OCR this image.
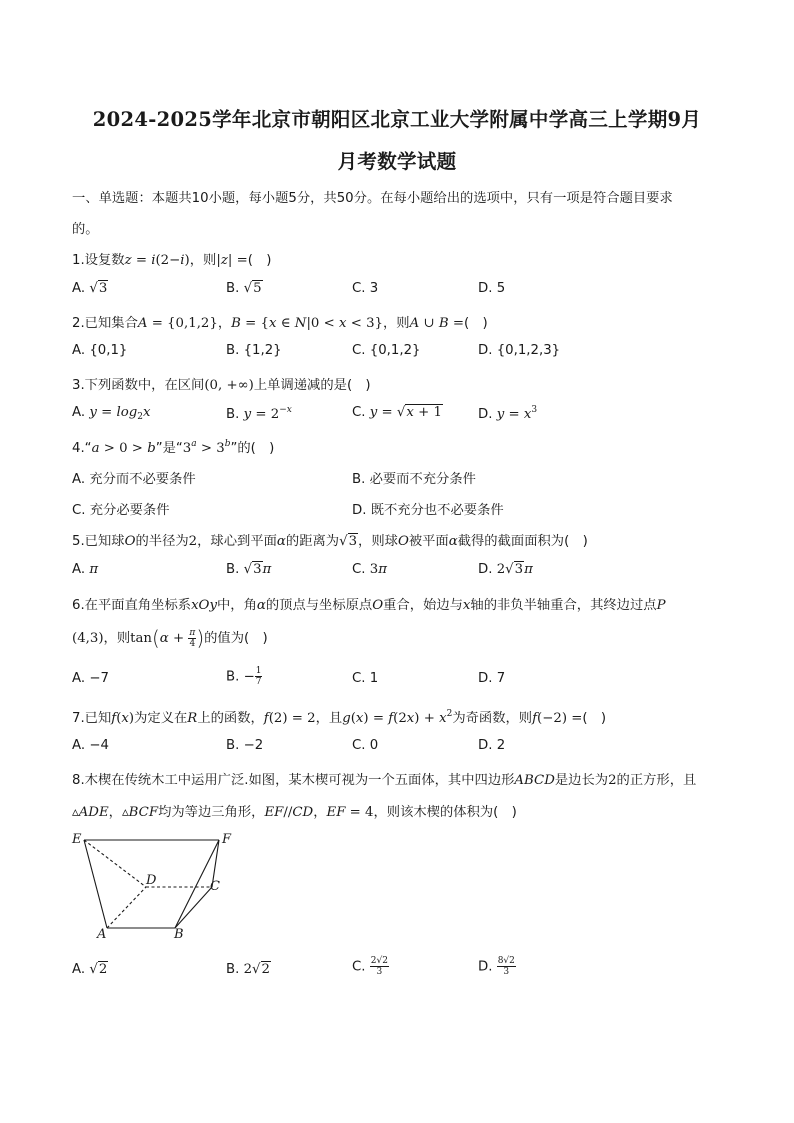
2024-2025学年北京市朝阳区北京工业大学附属中学高三上学期9月
月考数学试题
一、单选题：本题共10小题，每小题5分，共50分。在每小题给出的选项中，只有一项是符合题目要求
的。
1.设复数z = i(2−i)，则|z| =(　)
A. √3	B. √5	C. 3	D. 5
2.已知集合A = {0,1,2}，B = {x ∈ N|0 < x < 3}，则A ∪ B =(　)
A. {0,1}	B. {1,2}	C. {0,1,2}	D. {0,1,2,3}
3.下列函数中，在区间(0, +∞)上单调递减的是(　)
A. $y = \log_2x$	B. $y = 2^{-x}$	C. y = √x + 1	D. $y = x^3$
4.“a > 0 > b”是“$3^a > 3^b$”的(　)
A. 充分而不必要条件	B. 必要而不充分条件
C. 充分必要条件	D. 既不充分也不必要条件
5.已知球O的半径为2，球心到平面α的距离为√3，则球O被平面α截得的截面面积为(　)
A. π	B. √3π	C. 3π	D. 2√3π
6.在平面直角坐标系xOy中，角α的顶点与坐标原点O重合，始边与x轴的非负半轴重合，其终边过点P
(4,3)，则$\tan(\alpha + \frac{\pi}{4}$ )的值为(　)
A. −7	B. − $\frac{1}{7}$	C. 1	D. 7
7.已知f(x)为定义在R上的函数，f(2) = 2，且$g(x) = f(2x) + x^2$为奇函数，则f(−2) =(　)
A. −4	B. −2	C. 0	D. 2
8.木楔在传统木工中运用广泛.如图，某木楔可视为一个五面体，其中四边形ABCD是边长为2的正方形，且
▵ADE，▵BCF均为等边三角形，EF//CD，EF = 4，则该木楔的体积为(　)
E	F
D	C
A	B
A. √2	B. 2√2	C. $\frac{2√2}{3}$	D. $\frac{8√2}{3}$
